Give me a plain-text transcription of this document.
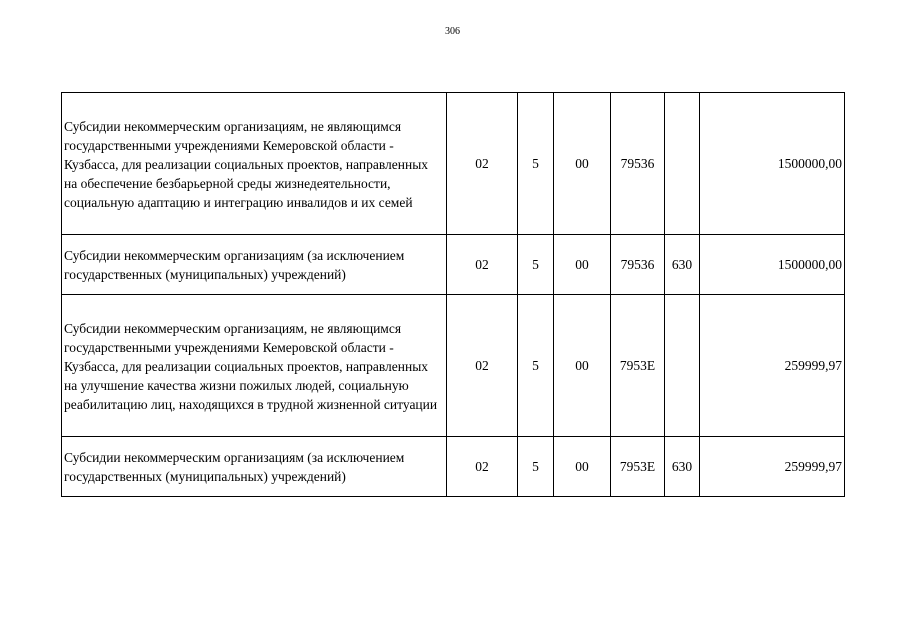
306
Субсидии некоммерческим организациям, не являющимся государственными учреждениями Кемеровской области - Кузбасса, для реализации социальных проектов, направленных на обеспечение безбарьерной среды жизнедеятельности, социальную адаптацию и интеграцию инвалидов и их семей	02	5	00	79536		1500000,00
Субсидии некоммерческим организациям (за исключением государственных (муниципальных) учреждений)	02	5	00	79536	630	1500000,00
Субсидии некоммерческим организациям, не являющимся государственными учреждениями Кемеровской области - Кузбасса, для реализации социальных проектов, направленных на улучшение качества жизни пожилых людей, социальную реабилитацию лиц, находящихся в трудной жизненной ситуации	02	5	00	7953Е		259999,97
Субсидии некоммерческим организациям (за исключением государственных (муниципальных) учреждений)	02	5	00	7953Е	630	259999,97
